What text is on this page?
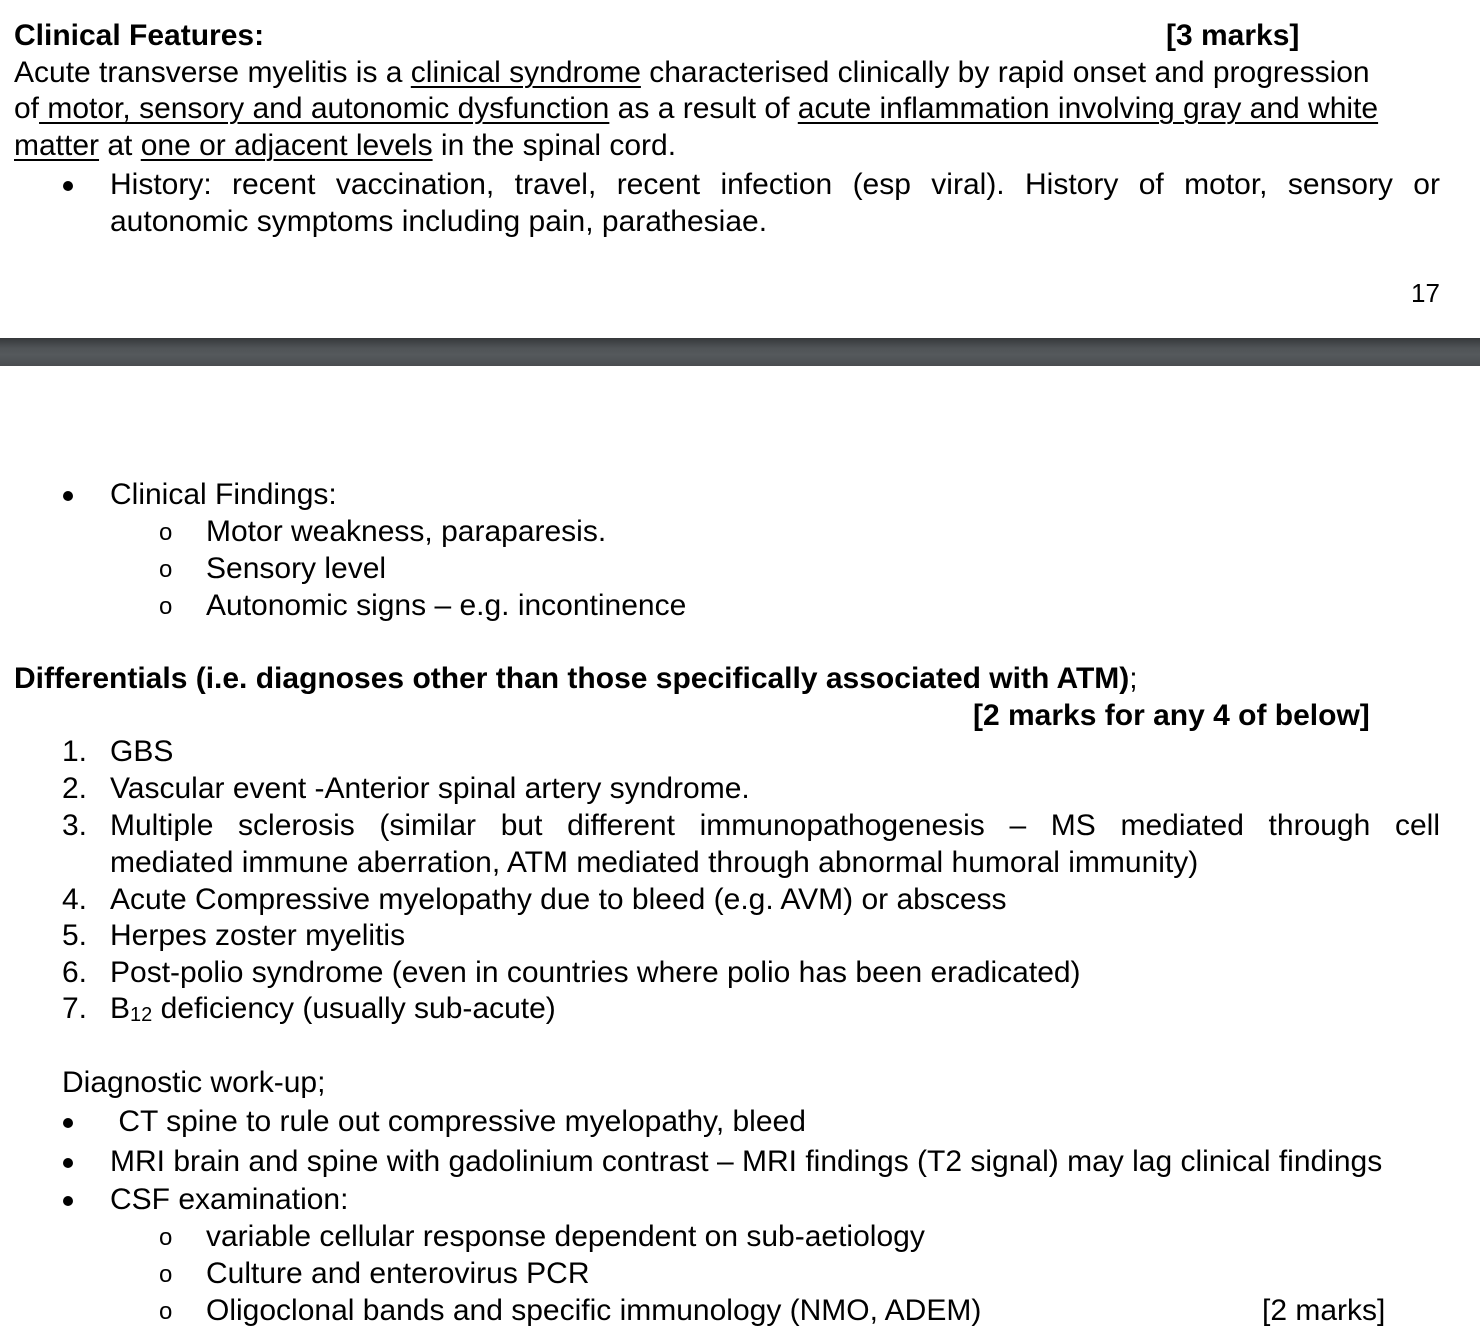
Clinical Features:	[3 marks]
Acute transverse myelitis is a clinical syndrome characterised clinically by rapid onset and progression
of motor, sensory and autonomic dysfunction as a result of acute inflammation involving gray and white
matter at one or adjacent levels in the spinal cord.
History: recent vaccination, travel, recent infection (esp viral). History of motor, sensory or
autonomic symptoms including pain, parathesiae.
17
Clinical Findings:
o Motor weakness, paraparesis.
o Sensory level
o Autonomic signs – e.g. incontinence
Differentials (i.e. diagnoses other than those specifically associated with ATM);
[2 marks for any 4 of below]
1. GBS
2. Vascular event -Anterior spinal artery syndrome.
3. Multiple sclerosis (similar but different immunopathogenesis – MS mediated through cell
mediated immune aberration, ATM mediated through abnormal humoral immunity)
4. Acute Compressive myelopathy due to bleed (e.g. AVM) or abscess
5. Herpes zoster myelitis
6. Post-polio syndrome (even in countries where polio has been eradicated)
7. B12 deficiency (usually sub-acute)
Diagnostic work-up;
CT spine to rule out compressive myelopathy, bleed
MRI brain and spine with gadolinium contrast – MRI findings (T2 signal) may lag clinical findings
CSF examination:
o variable cellular response dependent on sub-aetiology
o Culture and enterovirus PCR
o Oligoclonal bands and specific immunology (NMO, ADEM)	[2 marks]
